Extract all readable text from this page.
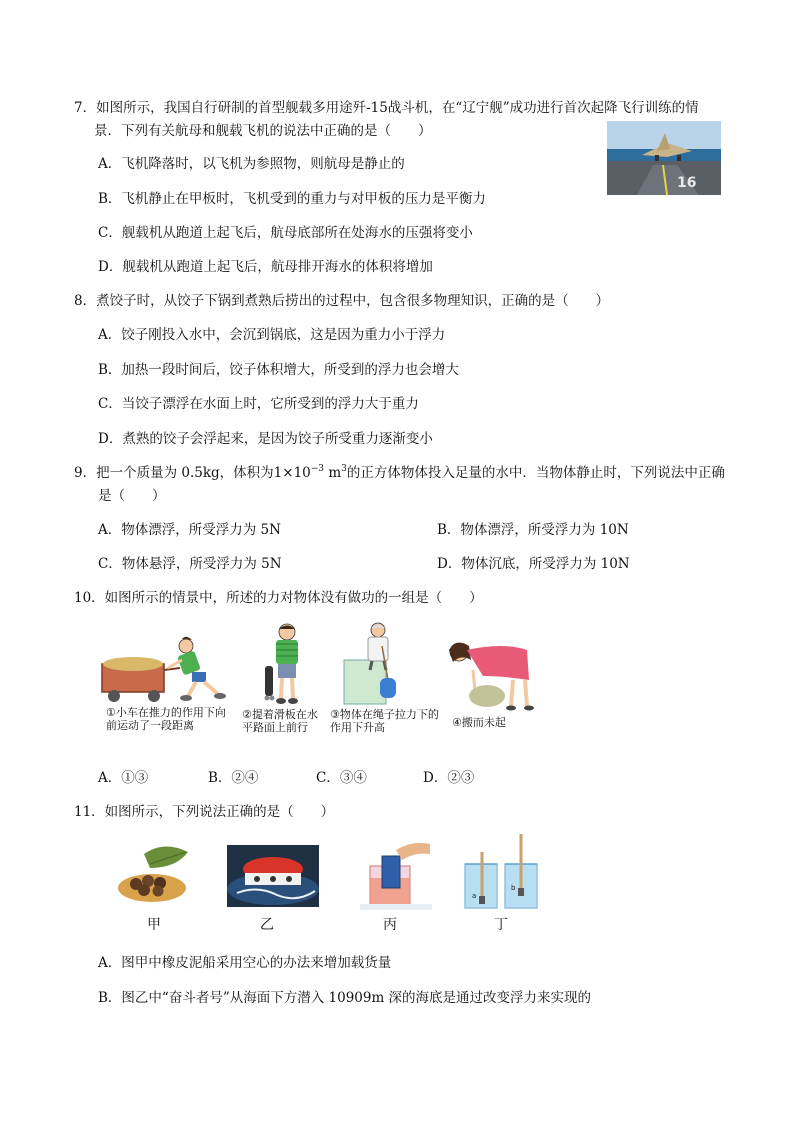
7．如图所示，我国自行研制的首型舰载多用途歼-15战斗机，在“辽宁舰”成功进行首次起降飞行训练的情
景．下列有关航母和舰载飞机的说法中正确的是（　　）
A．飞机降落时，以飞机为参照物，则航母是静止的
B．飞机静止在甲板时，飞机受到的重力与对甲板的压力是平衡力
C．舰载机从跑道上起飞后，航母底部所在处海水的压强将变小
D．舰载机从跑道上起飞后，航母排开海水的体积将增加
16
8．煮饺子时，从饺子下锅到煮熟后捞出的过程中，包含很多物理知识，正确的是（　　）
A．饺子刚投入水中，会沉到锅底，这是因为重力小于浮力
B．加热一段时间后，饺子体积增大，所受到的浮力也会增大
C．当饺子漂浮在水面上时，它所受到的浮力大于重力
D．煮熟的饺子会浮起来，是因为饺子所受重力逐渐变小
9．把一个质量为 0.5kg，体积为$1\times 10^{-3}$ $m^3$的正方体物体投入足量的水中．当物体静止时，下列说法中正确
是（　　）
A．物体漂浮，所受浮力为 5N	B．物体漂浮，所受浮力为 10N
C．物体悬浮，所受浮力为 5N	D．物体沉底，所受浮力为 10N
10．如图所示的情景中，所述的力对物体没有做功的一组是（　　）
①小车在推力的作用下向前运动了一段距离
②提着滑板在水平路面上前行
③物体在绳子拉力下的作用下升高	④搬而未起
A．①③	B．②④	C．③④	D．②③
11．如图所示，下列说法正确的是（　　）
a
b
甲	乙	丙	丁
A．图甲中橡皮泥船采用空心的办法来增加载货量
B．图乙中“奋斗者号”从海面下方潜入 10909m 深的海底是通过改变浮力来实现的
